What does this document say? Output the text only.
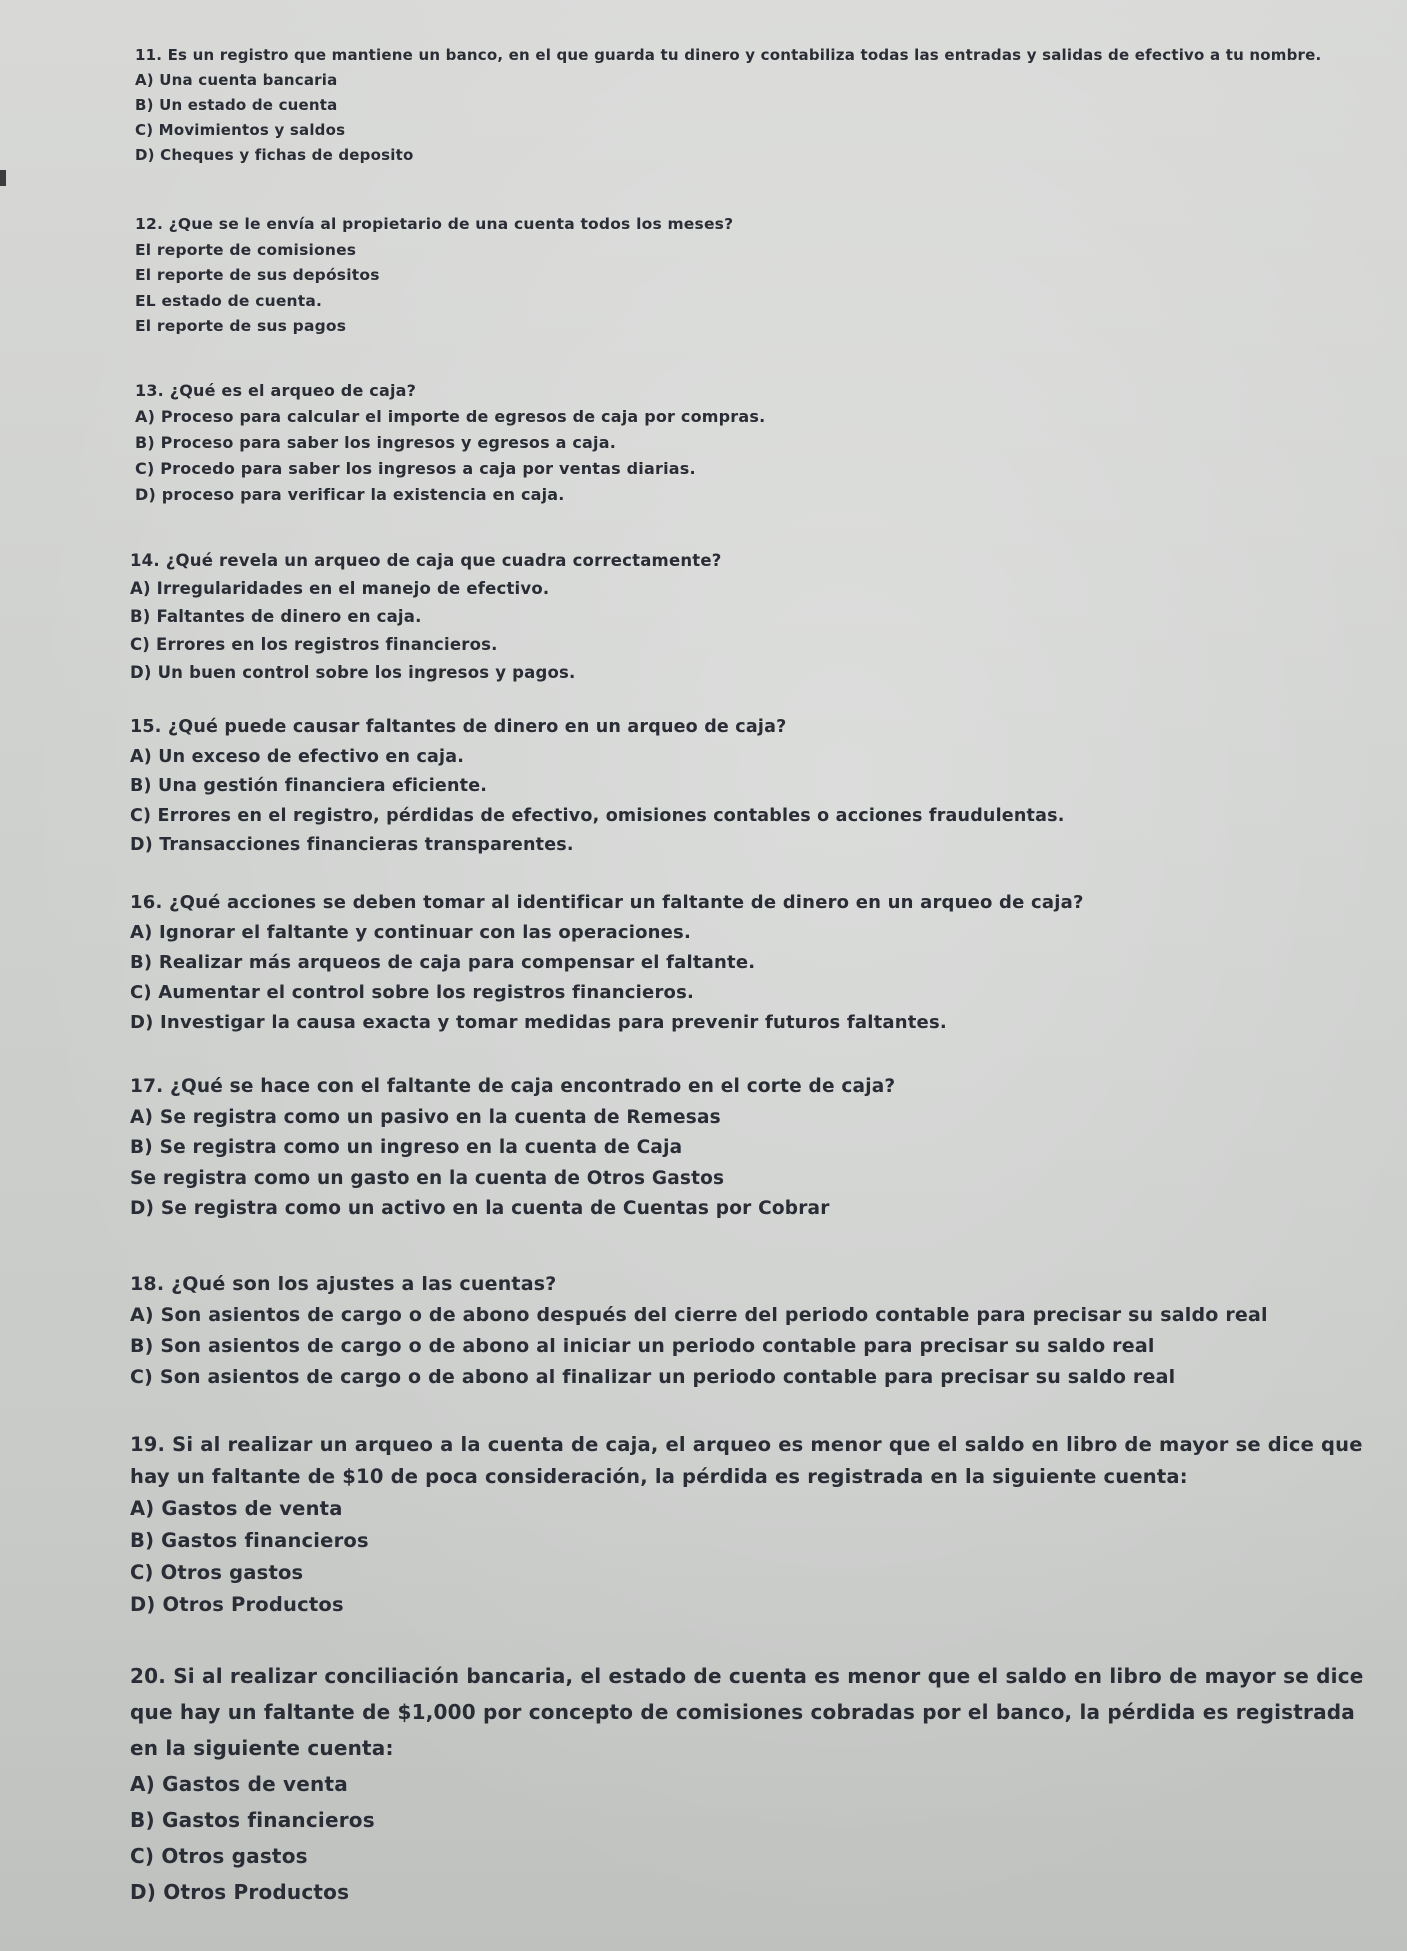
11. Es un registro que mantiene un banco, en el que guarda tu dinero y contabiliza todas las entradas y salidas de efectivo a tu nombre.
A) Una cuenta bancaria
B) Un estado de cuenta
C) Movimientos y saldos
D) Cheques y fichas de deposito
12. ¿Que se le envía al propietario de una cuenta todos los meses?
El reporte de comisiones
El reporte de sus depósitos
EL estado de cuenta.
El reporte de sus pagos
13. ¿Qué es el arqueo de caja?
A) Proceso para calcular el importe de egresos de caja por compras.
B) Proceso para saber los ingresos y egresos a caja.
C) Procedo para saber los ingresos a caja por ventas diarias.
D) proceso para verificar la existencia en caja.
14. ¿Qué revela un arqueo de caja que cuadra correctamente?
A) Irregularidades en el manejo de efectivo.
B) Faltantes de dinero en caja.
C) Errores en los registros financieros.
D) Un buen control sobre los ingresos y pagos.
15. ¿Qué puede causar faltantes de dinero en un arqueo de caja?
A) Un exceso de efectivo en caja.
B) Una gestión financiera eficiente.
C) Errores en el registro, pérdidas de efectivo, omisiones contables o acciones fraudulentas.
D) Transacciones financieras transparentes.
16. ¿Qué acciones se deben tomar al identificar un faltante de dinero en un arqueo de caja?
A) Ignorar el faltante y continuar con las operaciones.
B) Realizar más arqueos de caja para compensar el faltante.
C) Aumentar el control sobre los registros financieros.
D) Investigar la causa exacta y tomar medidas para prevenir futuros faltantes.
17. ¿Qué se hace con el faltante de caja encontrado en el corte de caja?
A) Se registra como un pasivo en la cuenta de Remesas
B) Se registra como un ingreso en la cuenta de Caja
Se registra como un gasto en la cuenta de Otros Gastos
D) Se registra como un activo en la cuenta de Cuentas por Cobrar
18. ¿Qué son los ajustes a las cuentas?
A) Son asientos de cargo o de abono después del cierre del periodo contable para precisar su saldo real
B) Son asientos de cargo o de abono al iniciar un periodo contable para precisar su saldo real
C) Son asientos de cargo o de abono al finalizar un periodo contable para precisar su saldo real
19. Si al realizar un arqueo a la cuenta de caja, el arqueo es menor que el saldo en libro de mayor se dice que hay un faltante de $10 de poca consideración, la pérdida es registrada en la siguiente cuenta:
A) Gastos de venta
B) Gastos financieros
C) Otros gastos
D) Otros Productos
20. Si al realizar conciliación bancaria, el estado de cuenta es menor que el saldo en libro de mayor se dice que hay un faltante de $1,000 por concepto de comisiones cobradas por el banco, la pérdida es registrada en la siguiente cuenta:
A) Gastos de venta
B) Gastos financieros
C) Otros gastos
D) Otros Productos
